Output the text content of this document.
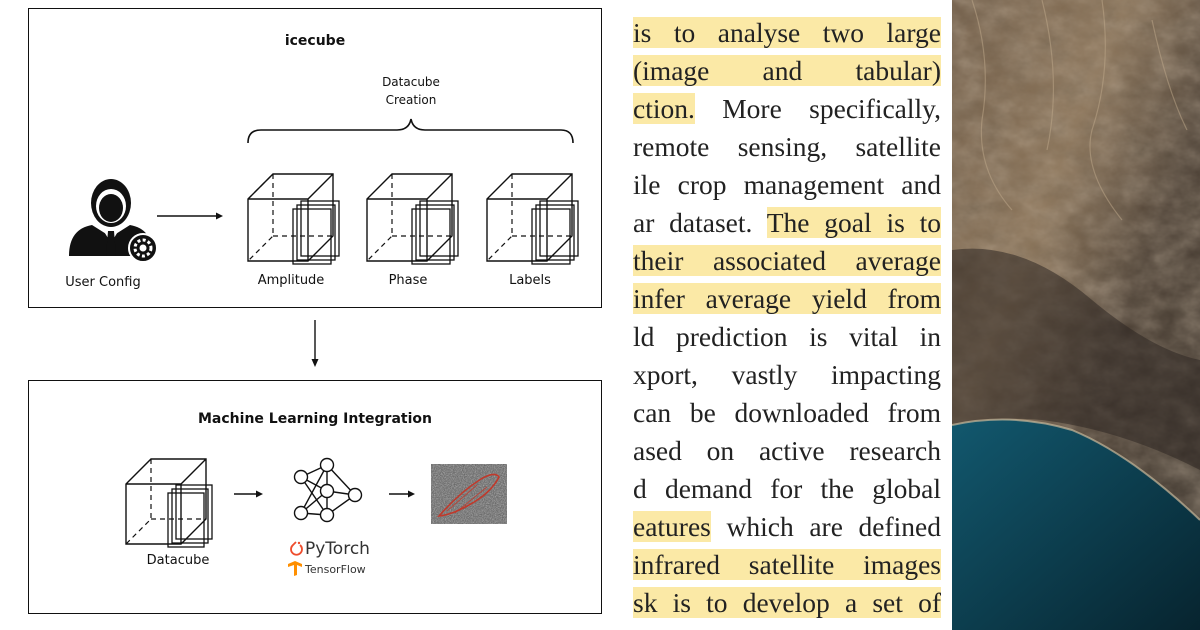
icecube
Datacube
Creation
User Config	Amplitude	Phase	Labels
Machine Learning Integration
Datacube
PyTorch
TensorFlow
is to analyse two large
(image and tabular)
ction. More specifically,
remote sensing, satellite
ile crop management and
ar dataset. The goal is to
their associated average
infer average yield from
ld prediction is vital in
xport, vastly impacting
can be downloaded from
ased on active research
d demand for the global
eatures which are defined
infrared satellite images
sk is to develop a set of
